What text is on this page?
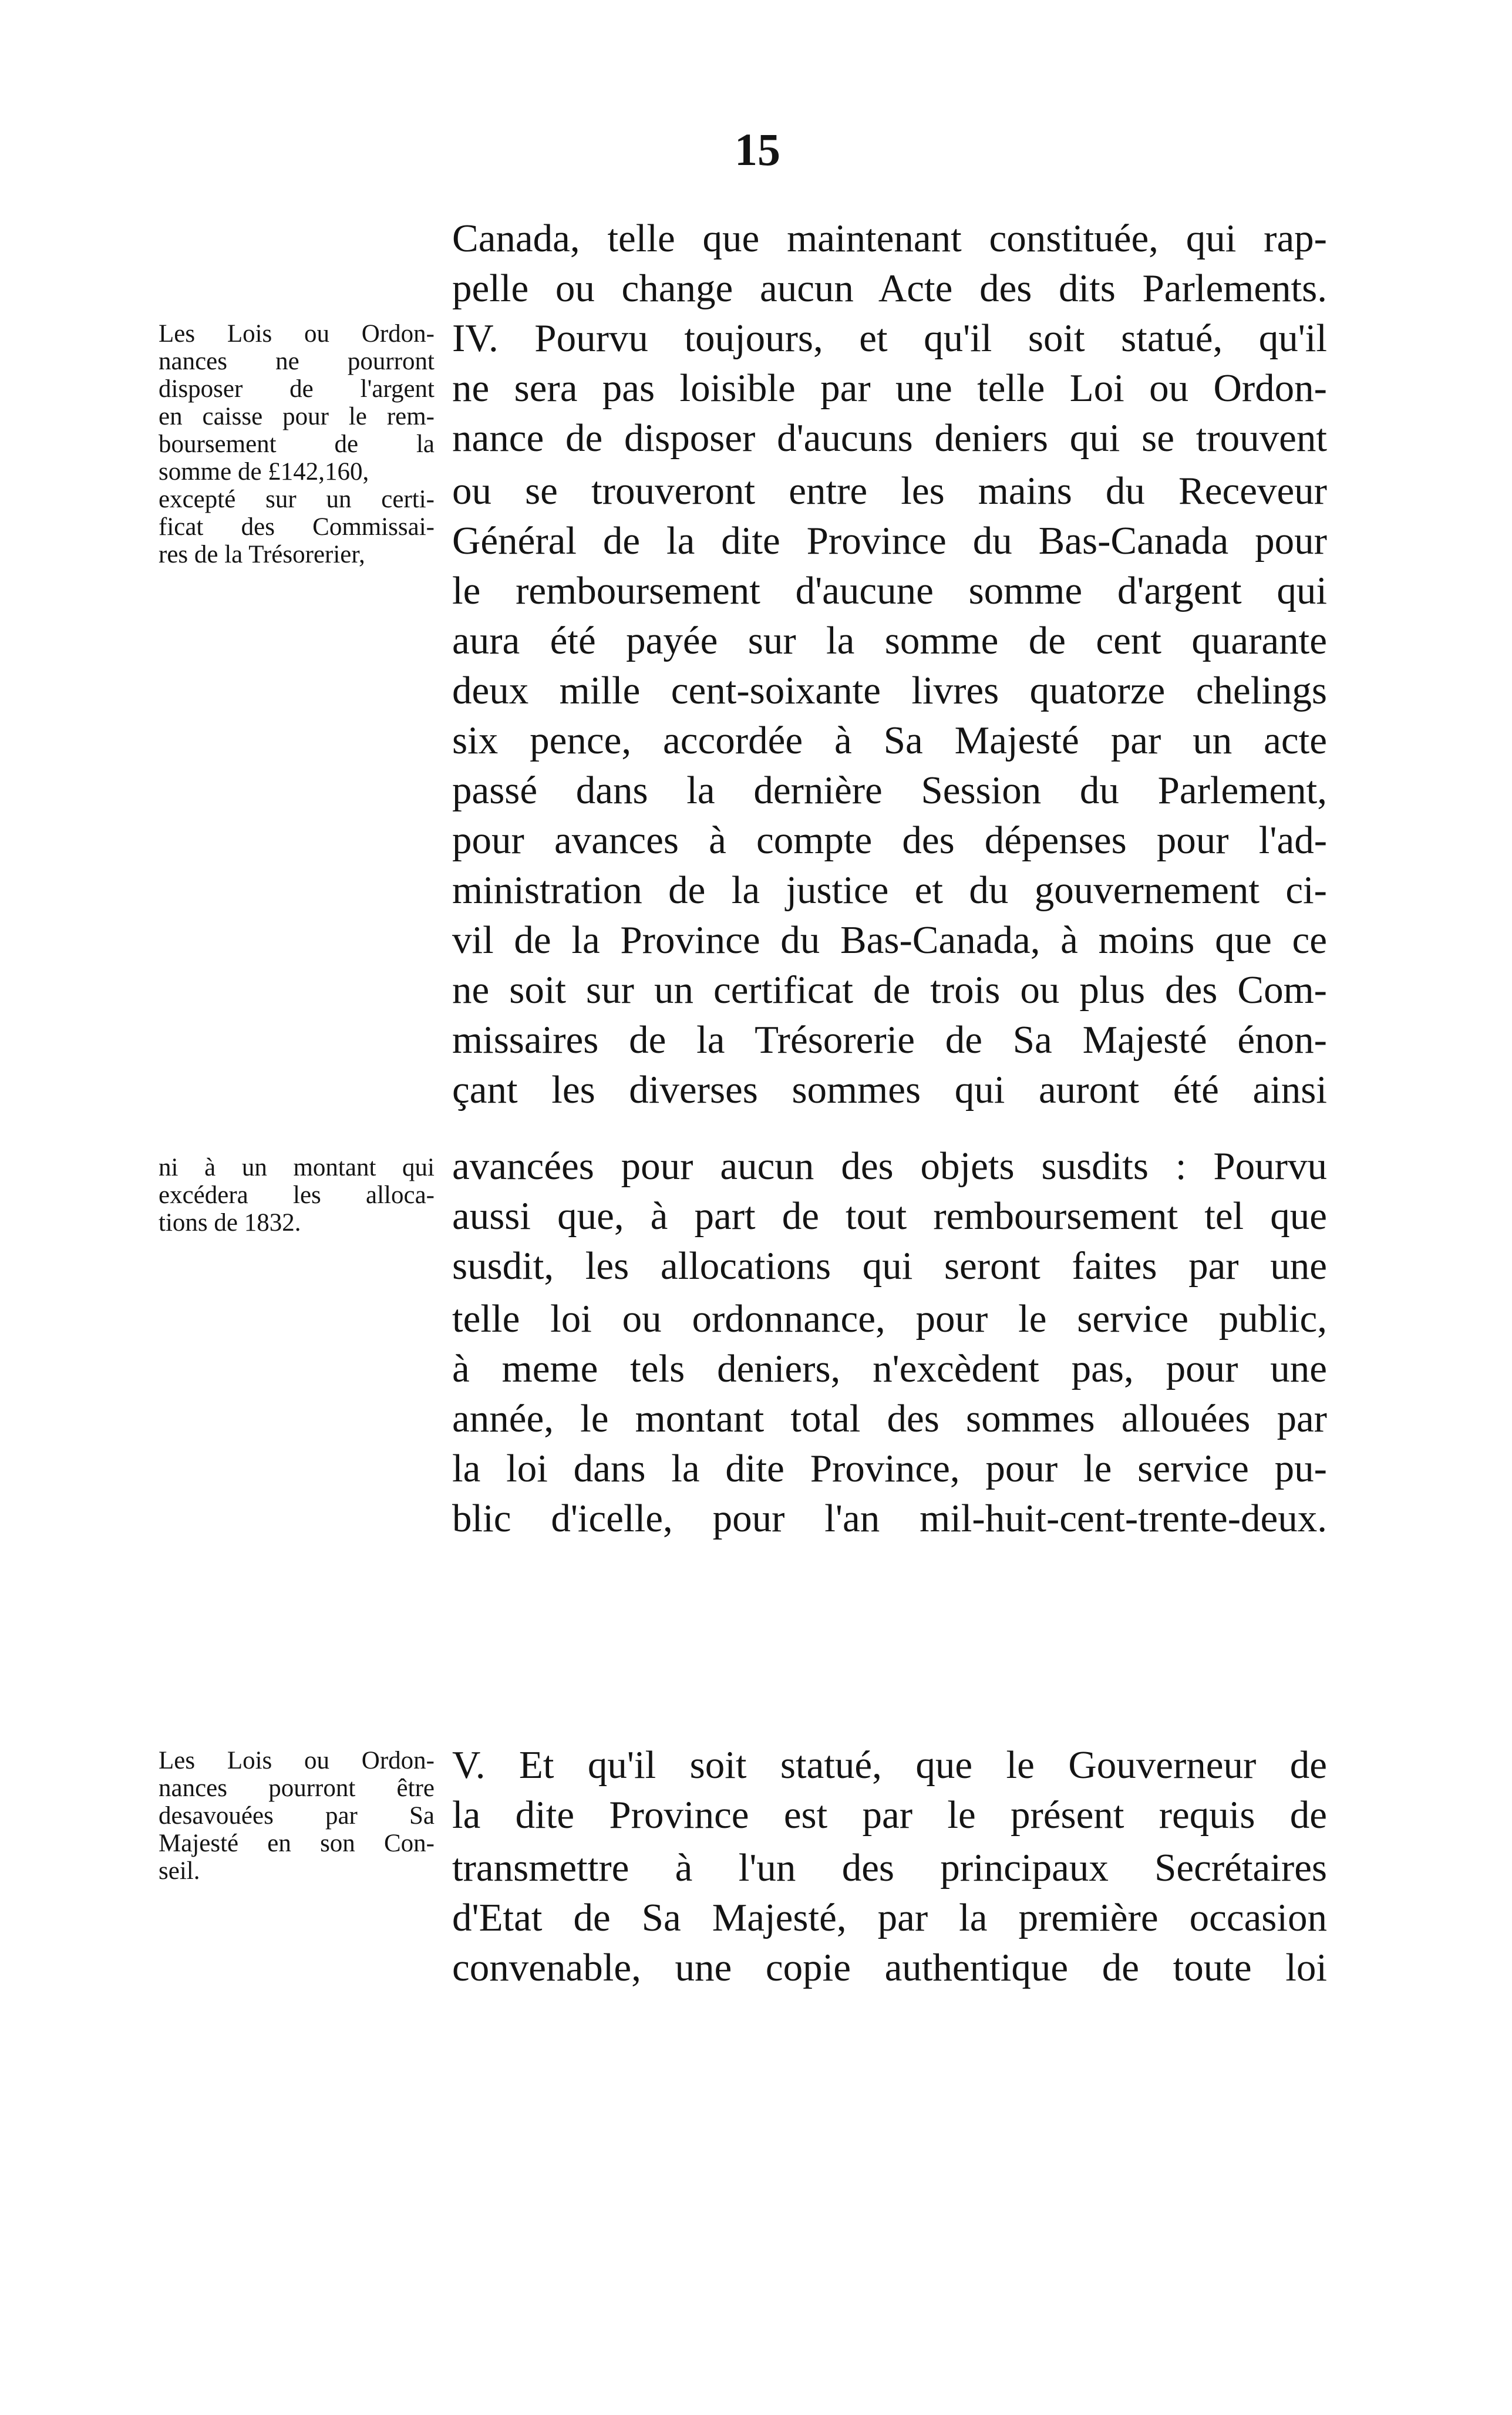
15
Les Lois ou Ordon-
nances ne pourront
disposer de l'argent
en caisse pour le rem-
boursement de la
somme de £142,160,
excepté sur un certi-
ficat des Commissai-
res de la Trésorerier,
ni à un montant qui
excédera les alloca-
tions de 1832.
Les Lois ou Ordon-
nances pourront être
desavouées par Sa
Majesté en son Con-
seil.
Canada, telle que maintenant constituée, qui rap-
pelle ou change aucun Acte des dits Parlements.
IV. Pourvu toujours, et qu'il soit statué, qu'il
ne sera pas loisible par une telle Loi ou Ordon-
nance de disposer d'aucuns deniers qui se trouvent
ou se trouveront entre les mains du Receveur
Général de la dite Province du Bas-Canada pour
le remboursement d'aucune somme d'argent qui
aura été payée sur la somme de cent quarante
deux mille cent-soixante livres quatorze chelings
six pence, accordée à Sa Majesté par un acte
passé dans la dernière Session du Parlement,
pour avances à compte des dépenses pour l'ad-
ministration de la justice et du gouvernement ci-
vil de la Province du Bas-Canada, à moins que ce
ne soit sur un certificat de trois ou plus des Com-
missaires de la Trésorerie de Sa Majesté énon-
çant les diverses sommes qui auront été ainsi
avancées pour aucun des objets susdits : Pourvu
aussi que, à part de tout remboursement tel que
susdit, les allocations qui seront faites par une
telle loi ou ordonnance, pour le service public,
à meme tels deniers, n'excèdent pas, pour une
année, le montant total des sommes allouées par
la loi dans la dite Province, pour le service pu-
blic d'icelle, pour l'an mil-huit-cent-trente-deux.
V. Et qu'il soit statué, que le Gouverneur de
la dite Province est par le présent requis de
transmettre à l'un des principaux Secrétaires
d'Etat de Sa Majesté, par la première occasion
convenable, une copie authentique de toute loi
